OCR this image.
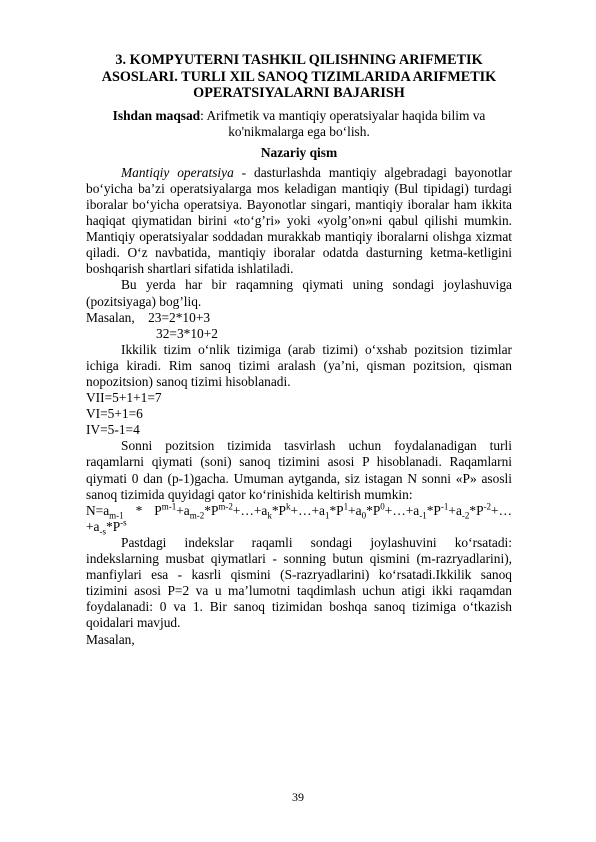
3. KOMPYUTERNI TASHKIL QILISHNING ARIFMETIK ASOSLARI. TURLI XIL SANOQ TIZIMLARIDA ARIFMETIK OPERATSIYALARNI BAJARISH
Ishdan maqsad: Arifmetik va mantiqiy operatsiyalar haqida bilim va ko'nikmalarga ega bo‘lish.
Nazariy qism

Mantiqiy operatsiya - dasturlashda mantiqiy algebradagi bayonotlar bo‘yicha ba’zi operatsiyalarga mos keladigan mantiqiy (Bul tipidagi) turdagi iboralar bo‘yicha operatsiya. Bayonotlar singari, mantiqiy iboralar ham ikkita haqiqat qiymatidan birini «to‘g’ri» yoki «yolg’on»ni qabul qilishi mumkin. Mantiqiy operatsiyalar soddadan murakkab mantiqiy iboralarni olishga xizmat qiladi. O‘z navbatida, mantiqiy iboralar odatda dasturning ketma-ketligini boshqarish shartlari sifatida ishlatiladi.

Bu yerda har bir raqamning qiymati uning sondagi joylashuviga (pozitsiyaga) bog’liq.

Masalan,    23=2*10+3
32=3*10+2

Ikkilik tizim o‘nlik tizimiga (arab tizimi) o‘xshab pozitsion tizimlar ichiga kiradi. Rim sanoq tizimi aralash (ya’ni, qisman pozitsion, qisman nopozitsion) sanoq tizimi hisoblanadi.

VII=5+1+1=7
VI=5+1=6
IV=5-1=4

Sonni pozitsion tizimida tasvirlash uchun foydalanadigan turli raqamlarni qiymati (soni) sanoq tizimini asosi P hisoblanadi. Raqamlarni qiymati 0 dan (p-1)gacha. Umuman aytganda, siz istagan N sonni «P» asosli sanoq tizimida quyidagi qator ko‘rinishida keltirish mumkin:

$N=a_{m-1}$  *  $P^{m-1}+a_{m-2}*P^{m-2}+\dots+a_k*P^k+\dots+a_1*P^1+a_0*P^0+\dots+a_{-1}*P^{-1}+a_{-2}*P^{-2}+\dots+a_{-s}*P^{-s}$

Pastdagi indekslar raqamli sondagi joylashuvini ko‘rsatadi: indekslarning musbat qiymatlari - sonning butun qismini (m-razryadlarini), manfiylari esa - kasrli qismini (S-razryadlarini) ko‘rsatadi.Ikkilik sanoq tizimini asosi P=2 va u ma’lumotni taqdimlash uchun atigi ikki raqamdan foydalanadi: 0 va 1. Bir sanoq tizimidan boshqa sanoq tizimiga o‘tkazish qoidalari mavjud.

Masalan,
39
